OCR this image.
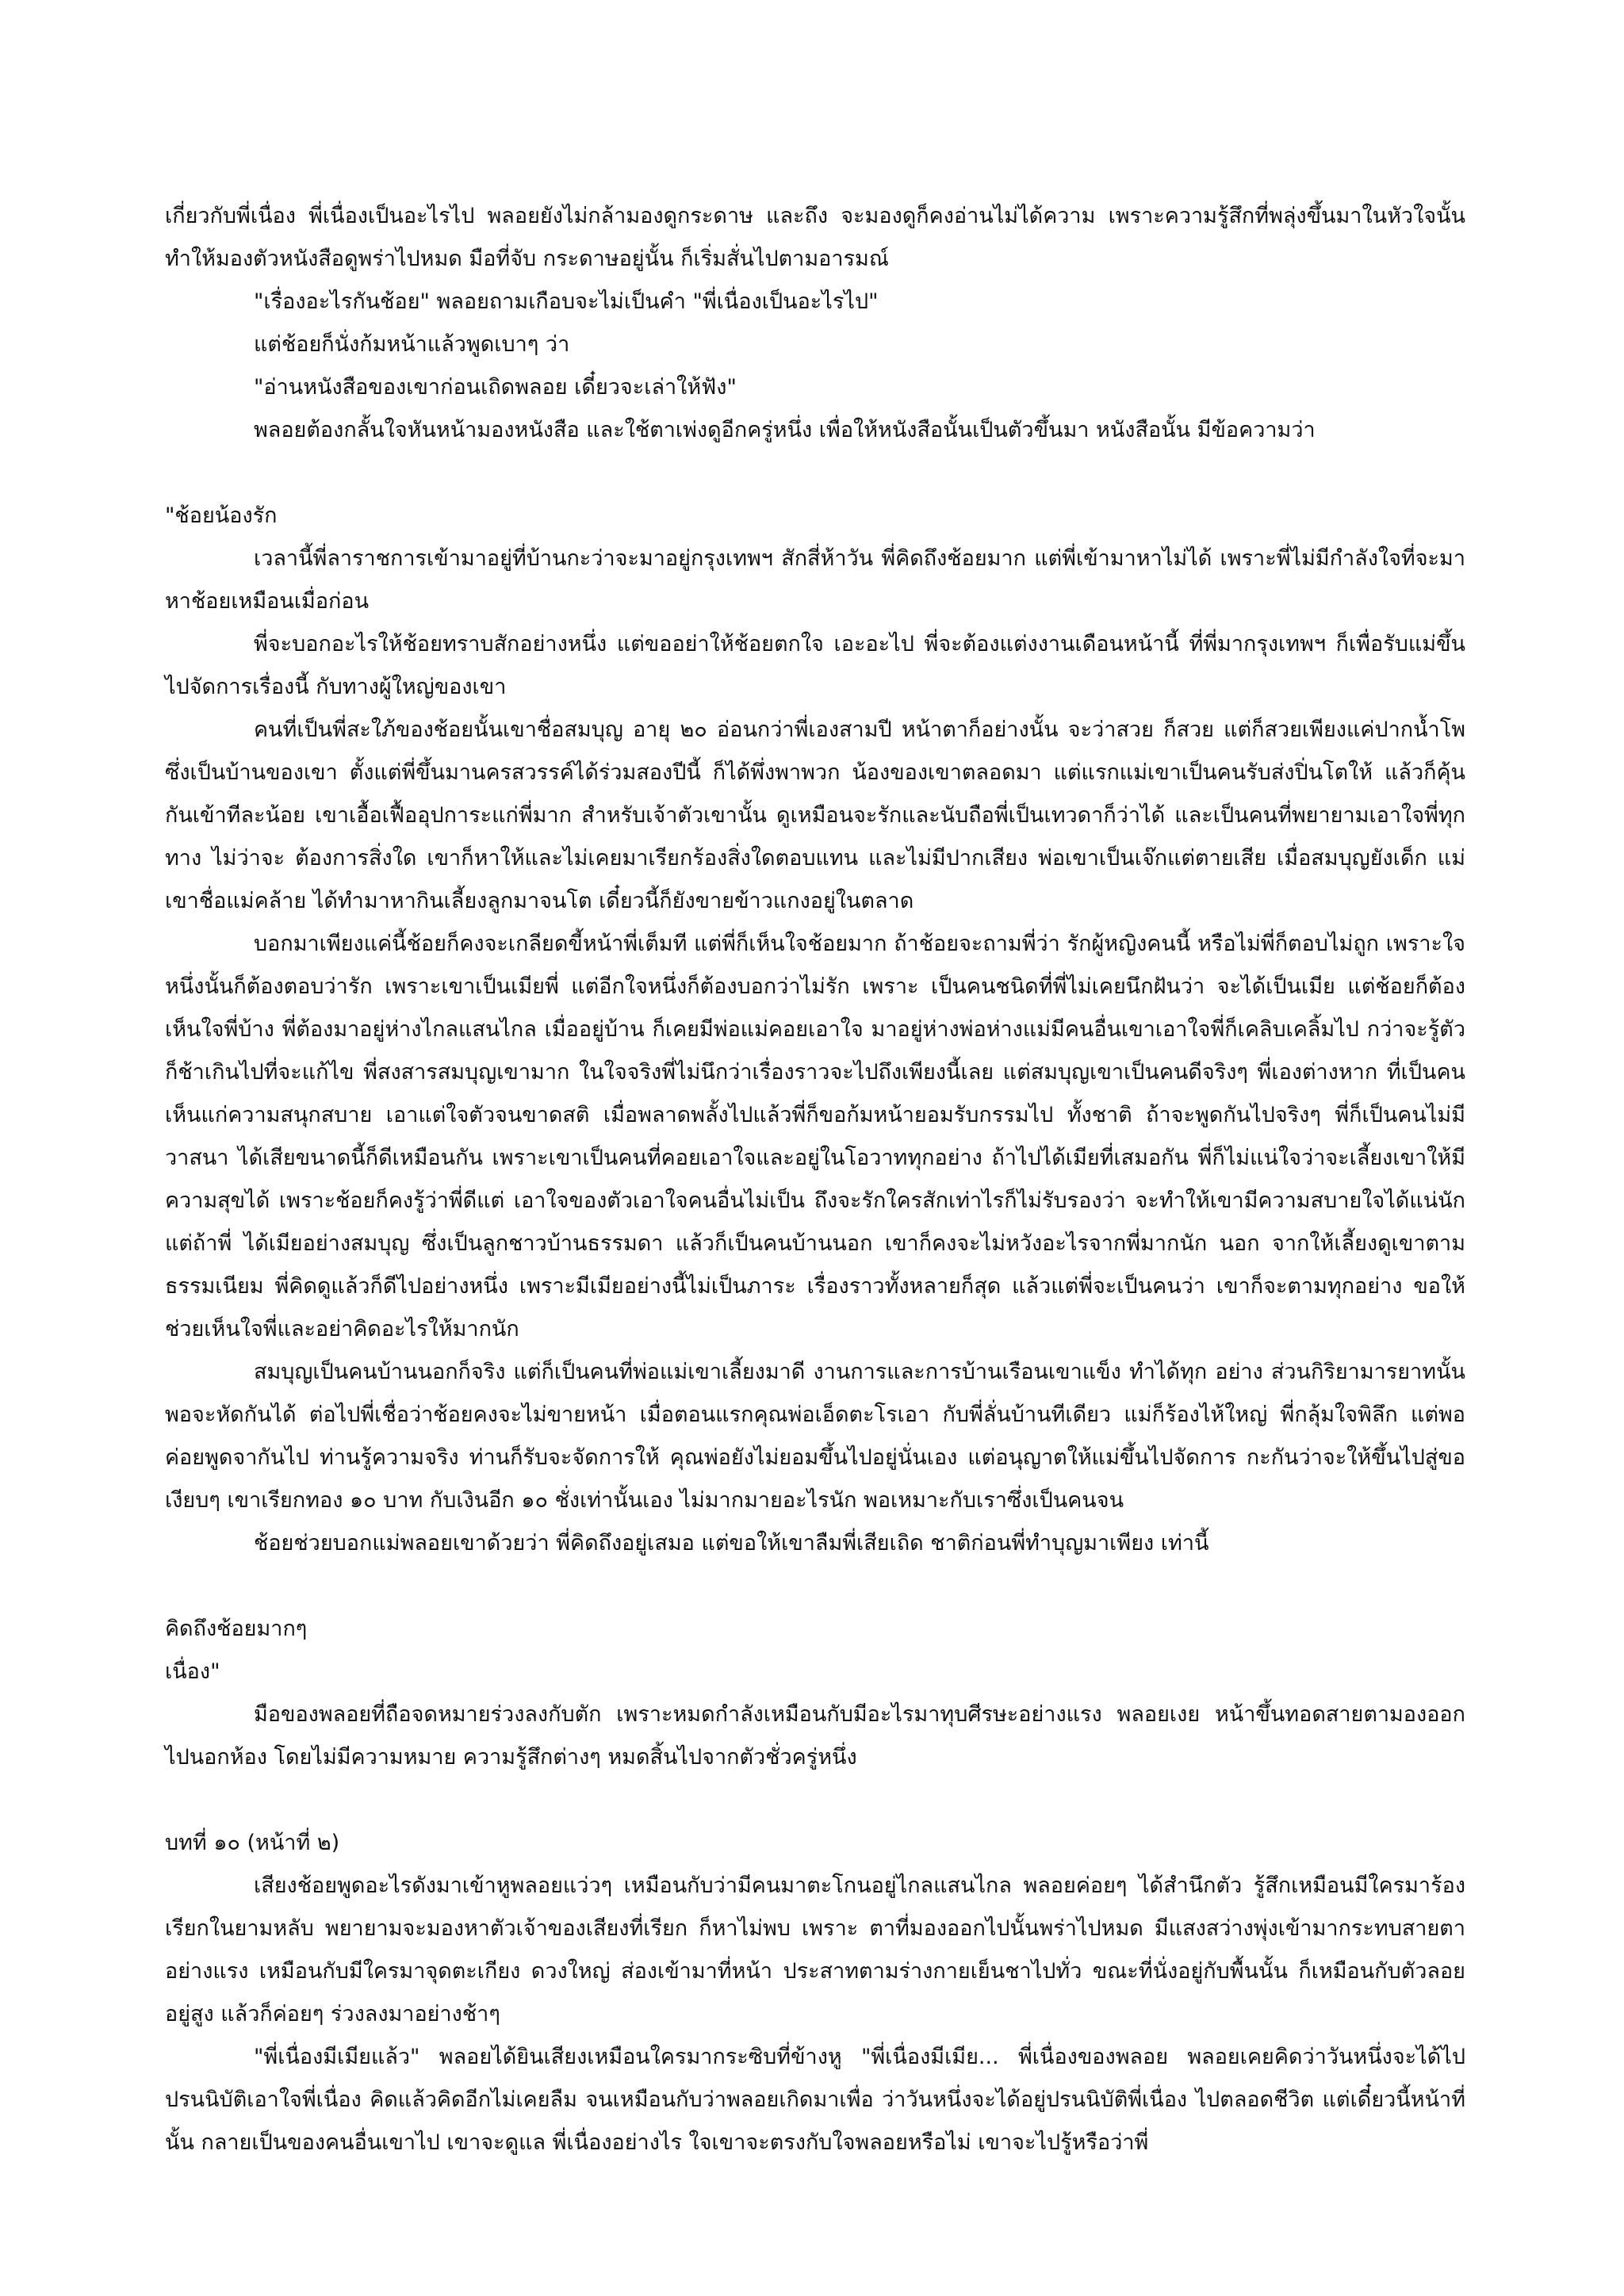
เกี่ยวกับพี่เนื่อง พี่เนื่องเป็นอะไรไป พลอยยังไม่กล้ามองดูกระดาษ และถึง จะมองดูก็คงอ่านไม่ได้ความ เพราะความรู้สึกที่พลุ่งขึ้นมาในหัวใจนั้น ทำให้มองตัวหนังสือดูพร่าไปหมด มือที่จับ กระดาษอยู่นั้น ก็เริ่มสั่นไปตามอารมณ์

"เรื่องอะไรกันช้อย" พลอยถามเกือบจะไม่เป็นคำ "พี่เนื่องเป็นอะไรไป"

แต่ช้อยก็นั่งก้มหน้าแล้วพูดเบาๆ ว่า

"อ่านหนังสือของเขาก่อนเถิดพลอย เดี๋ยวจะเล่าให้ฟัง"

พลอยต้องกลั้นใจหันหน้ามองหนังสือ และใช้ตาเพ่งดูอีกครู่หนึ่ง เพื่อให้หนังสือนั้นเป็นตัวขึ้นมา หนังสือนั้น มีข้อความว่า

"ช้อยน้องรัก

เวลานี้พี่ลาราชการเข้ามาอยู่ที่บ้านกะว่าจะมาอยู่กรุงเทพฯ สักสี่ห้าวัน พี่คิดถึงช้อยมาก แต่พี่เข้ามาหาไม่ได้ เพราะพี่ไม่มีกำลังใจที่จะมาหาช้อยเหมือนเมื่อก่อน

พี่จะบอกอะไรให้ช้อยทราบสักอย่างหนึ่ง แต่ขออย่าให้ช้อยตกใจ เอะอะไป พี่จะต้องแต่งงานเดือนหน้านี้ ที่พี่มากรุงเทพฯ ก็เพื่อรับแม่ขึ้นไปจัดการเรื่องนี้ กับทางผู้ใหญ่ของเขา

คนที่เป็นพี่สะใภ้ของช้อยนั้นเขาชื่อสมบุญ อายุ ๒๐ อ่อนกว่าพี่เองสามปี หน้าตาก็อย่างนั้น จะว่าสวย ก็สวย แต่ก็สวยเพียงแค่ปากน้ำโพ ซึ่งเป็นบ้านของเขา ตั้งแต่พี่ขึ้นมานครสวรรค์ได้ร่วมสองปีนี้ ก็ได้พึ่งพาพวก น้องของเขาตลอดมา แต่แรกแม่เขาเป็นคนรับส่งปิ่นโตให้ แล้วก็คุ้นกันเข้าทีละน้อย เขาเอื้อเฟื้ออุปการะแก่พี่มาก สำหรับเจ้าตัวเขานั้น ดูเหมือนจะรักและนับถือพี่เป็นเทวดาก็ว่าได้ และเป็นคนที่พยายามเอาใจพี่ทุกทาง ไม่ว่าจะ ต้องการสิ่งใด เขาก็หาให้และไม่เคยมาเรียกร้องสิ่งใดตอบแทน และไม่มีปากเสียง พ่อเขาเป็นเจ๊กแต่ตายเสีย เมื่อสมบุญยังเด็ก แม่เขาชื่อแม่คล้าย ได้ทำมาหากินเลี้ยงลูกมาจนโต เดี๋ยวนี้ก็ยังขายข้าวแกงอยู่ในตลาด

บอกมาเพียงแค่นี้ช้อยก็คงจะเกลียดขี้หน้าพี่เต็มที แต่พี่ก็เห็นใจช้อยมาก ถ้าช้อยจะถามพี่ว่า รักผู้หญิงคนนี้ หรือไม่พี่ก็ตอบไม่ถูก เพราะใจหนึ่งนั้นก็ต้องตอบว่ารัก เพราะเขาเป็นเมียพี่ แต่อีกใจหนึ่งก็ต้องบอกว่าไม่รัก เพราะ เป็นคนชนิดที่พี่ไม่เคยนึกฝันว่า จะได้เป็นเมีย แต่ช้อยก็ต้องเห็นใจพี่บ้าง พี่ต้องมาอยู่ห่างไกลแสนไกล เมื่ออยู่บ้าน ก็เคยมีพ่อแม่คอยเอาใจ มาอยู่ห่างพ่อห่างแม่มีคนอื่นเขาเอาใจพี่ก็เคลิบเคลิ้มไป กว่าจะรู้ตัวก็ช้าเกินไปที่จะแก้ไข พี่สงสารสมบุญเขามาก ในใจจริงพี่ไม่นึกว่าเรื่องราวจะไปถึงเพียงนี้เลย แต่สมบุญเขาเป็นคนดีจริงๆ พี่เองต่างหาก ที่เป็นคนเห็นแก่ความสนุกสบาย เอาแต่ใจตัวจนขาดสติ เมื่อพลาดพลั้งไปแล้วพี่ก็ขอก้มหน้ายอมรับกรรมไป ทั้งชาติ ถ้าจะพูดกันไปจริงๆ พี่ก็เป็นคนไม่มีวาสนา ได้เสียขนาดนี้ก็ดีเหมือนกัน เพราะเขาเป็นคนที่คอยเอาใจและอยู่ในโอวาททุกอย่าง ถ้าไปได้เมียที่เสมอกัน พี่ก็ไม่แน่ใจว่าจะเลี้ยงเขาให้มีความสุขได้ เพราะช้อยก็คงรู้ว่าพี่ดีแต่ เอาใจของตัวเอาใจคนอื่นไม่เป็น ถึงจะรักใครสักเท่าไรก็ไม่รับรองว่า จะทำให้เขามีความสบายใจได้แน่นัก แต่ถ้าพี่ ได้เมียอย่างสมบุญ ซึ่งเป็นลูกชาวบ้านธรรมดา แล้วก็เป็นคนบ้านนอก เขาก็คงจะไม่หวังอะไรจากพี่มากนัก นอก จากให้เลี้ยงดูเขาตามธรรมเนียม พี่คิดดูแล้วก็ดีไปอย่างหนึ่ง เพราะมีเมียอย่างนี้ไม่เป็นภาระ เรื่องราวทั้งหลายก็สุด แล้วแต่พี่จะเป็นคนว่า เขาก็จะตามทุกอย่าง ขอให้ช่วยเห็นใจพี่และอย่าคิดอะไรให้มากนัก

สมบุญเป็นคนบ้านนอกก็จริง แต่ก็เป็นคนที่พ่อแม่เขาเลี้ยงมาดี งานการและการบ้านเรือนเขาแข็ง ทำได้ทุก อย่าง ส่วนกิริยามารยาทนั้น พอจะหัดกันได้ ต่อไปพี่เชื่อว่าช้อยคงจะไม่ขายหน้า เมื่อตอนแรกคุณพ่อเอ็ดตะโรเอา กับพี่ลั่นบ้านทีเดียว แม่ก็ร้องไห้ใหญ่ พี่กลุ้มใจพิลึก แต่พอค่อยพูดจากันไป ท่านรู้ความจริง ท่านก็รับจะจัดการให้ คุณพ่อยังไม่ยอมขึ้นไปอยู่นั่นเอง แต่อนุญาตให้แม่ขึ้นไปจัดการ กะกันว่าจะให้ขึ้นไปสู่ขอเงียบๆ เขาเรียกทอง ๑๐ บาท กับเงินอีก ๑๐ ชั่งเท่านั้นเอง ไม่มากมายอะไรนัก พอเหมาะกับเราซึ่งเป็นคนจน

ช้อยช่วยบอกแม่พลอยเขาด้วยว่า พี่คิดถึงอยู่เสมอ แต่ขอให้เขาลืมพี่เสียเถิด ชาติก่อนพี่ทำบุญมาเพียง เท่านี้

คิดถึงช้อยมากๆ

เนื่อง"

มือของพลอยที่ถือจดหมายร่วงลงกับตัก เพราะหมดกำลังเหมือนกับมีอะไรมาทุบศีรษะอย่างแรง พลอยเงย หน้าขึ้นทอดสายตามองออกไปนอกห้อง โดยไม่มีความหมาย ความรู้สึกต่างๆ หมดสิ้นไปจากตัวชั่วครู่หนึ่ง

บทที่ ๑๐ (หน้าที่ ๒)

เสียงช้อยพูดอะไรดังมาเข้าหูพลอยแว่วๆ เหมือนกับว่ามีคนมาตะโกนอยู่ไกลแสนไกล พลอยค่อยๆ ได้สำนึกตัว รู้สึกเหมือนมีใครมาร้องเรียกในยามหลับ พยายามจะมองหาตัวเจ้าของเสียงที่เรียก ก็หาไม่พบ เพราะ ตาที่มองออกไปนั้นพร่าไปหมด มีแสงสว่างพุ่งเข้ามากระทบสายตาอย่างแรง เหมือนกับมีใครมาจุดตะเกียง ดวงใหญ่ ส่องเข้ามาที่หน้า ประสาทตามร่างกายเย็นชาไปทั่ว ขณะที่นั่งอยู่กับพื้นนั้น ก็เหมือนกับตัวลอยอยู่สูง แล้วก็ค่อยๆ ร่วงลงมาอย่างช้าๆ

"พี่เนื่องมีเมียแล้ว" พลอยได้ยินเสียงเหมือนใครมากระซิบที่ข้างหู "พี่เนื่องมีเมีย... พี่เนื่องของพลอย พลอยเคยคิดว่าวันหนึ่งจะได้ไปปรนนิบัติเอาใจพี่เนื่อง คิดแล้วคิดอีกไม่เคยลืม จนเหมือนกับว่าพลอยเกิดมาเพื่อ ว่าวันหนึ่งจะได้อยู่ปรนนิบัติพี่เนื่อง ไปตลอดชีวิต แต่เดี๋ยวนี้หน้าที่นั้น กลายเป็นของคนอื่นเขาไป เขาจะดูแล พี่เนื่องอย่างไร ใจเขาจะตรงกับใจพลอยหรือไม่ เขาจะไปรู้หรือว่าพี่
